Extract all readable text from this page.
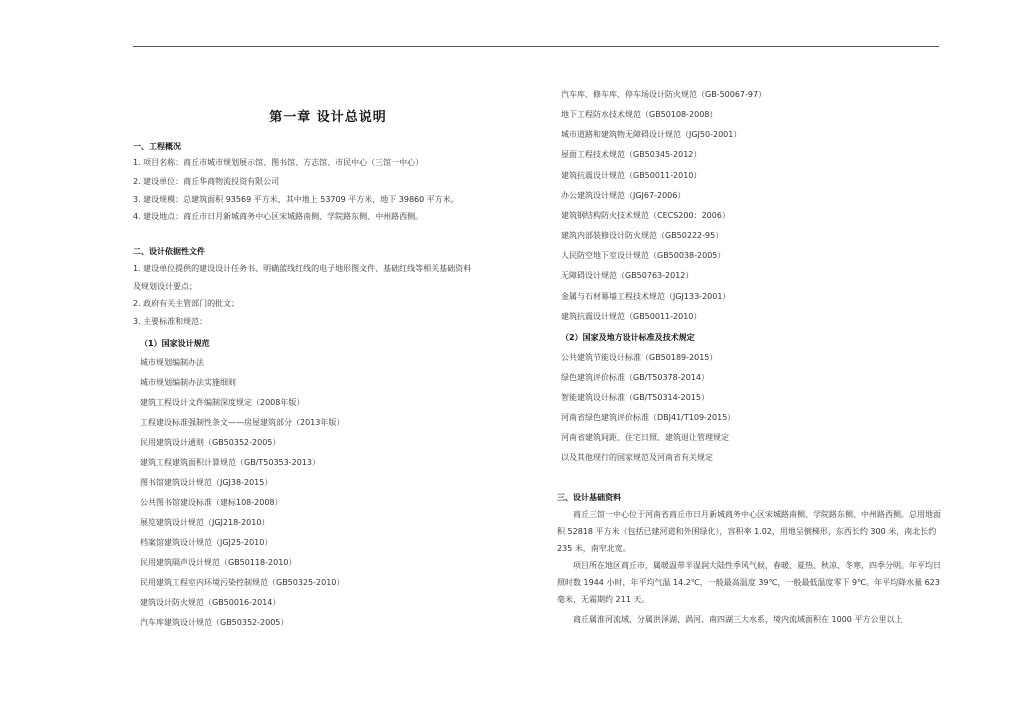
第一章 设计总说明
一、工程概况
1. 项目名称：商丘市城市规划展示馆、图书馆、方志馆、市民中心（三馆一中心）
2. 建设单位：商丘华商物流投资有限公司
3. 建设规模：总建筑面积 93569 平方米，其中地上 53709 平方米，地下 39860 平方米。
4. 建设地点：商丘市日月新城商务中心区宋城路南侧、学院路东侧、中州路西侧。
二、设计依据性文件
1. 建设单位提供的建设设计任务书、明确蓝线红线的电子地形图文件、基础红线等相关基础资料
及规划设计要点；
2. 政府有关主管部门的批文；
3. 主要标准和规范：
（1）国家设计规范
城市规划编制办法
城市规划编制办法实施细则
建筑工程设计文件编制深度规定（2008年版）
工程建设标准强制性条文——房屋建筑部分（2013年版）
民用建筑设计通则（GB50352-2005）
建筑工程建筑面积计算规范（GB/T50353-2013）
图书馆建筑设计规范（JGJ38-2015）
公共图书馆建设标准（建标108-2008）
展览建筑设计规范（JGJ218-2010）
档案馆建筑设计规范（JGJ25-2010）
民用建筑隔声设计规范（GB50118-2010）
民用建筑工程室内环境污染控制规范（GB50325-2010）
建筑设计防火规范（GB50016-2014）
汽车库建筑设计规范（GB50352-2005）
汽车库、修车库、停车场设计防火规范（GB-50067-97）
地下工程防水技术规范（GB50108-2008）
城市道路和建筑物无障碍设计规范（JGJ50-2001）
屋面工程技术规范（GB50345-2012）
建筑抗震设计规范（GB50011-2010）
办公建筑设计规范（JGJ67-2006）
建筑钢结构防火技术规范（CECS200：2006）
建筑内部装修设计防火规范（GB50222-95）
人民防空地下室设计规范（GB50038-2005）
无障碍设计规范（GB50763-2012）
金属与石材幕墙工程技术规范（JGJ133-2001）
建筑抗震设计规范（GB50011-2010）
（2）国家及地方设计标准及技术规定
公共建筑节能设计标准（GB50189-2015）
绿色建筑评价标准（GB/T50378-2014）
智能建筑设计标准（GB/T50314-2015）
河南省绿色建筑评价标准（DBJ41/T109-2015）
河南省建筑间距、住宅日照、建筑退让管理规定
以及其他现行的国家规范及河南省有关规定
三、设计基础资料
商丘三馆一中心位于河南省商丘市日月新城商务中心区宋城路南侧、学院路东侧、中州路西侧。总用地面积 52818 平方米（包括已建河道和外围绿化），容积率 1.02，用地呈倒梯形，东西长约 300 米，南北长约 235 米，南窄北宽。
项目所在地区商丘市，属暖温带半湿润大陆性季风气候，春暖、夏热、秋凉、冬寒，四季分明。年平均日照时数 1944 小时，年平均气温 14.2℃，一般最高温度 39℃，一般最低温度零下 9℃。年平均降水量 623 毫米，无霜期约 211 天。
商丘属淮河流域，分属洪泽湖、涡河、南四湖三大水系，境内流域面积在 1000 平方公里以上
